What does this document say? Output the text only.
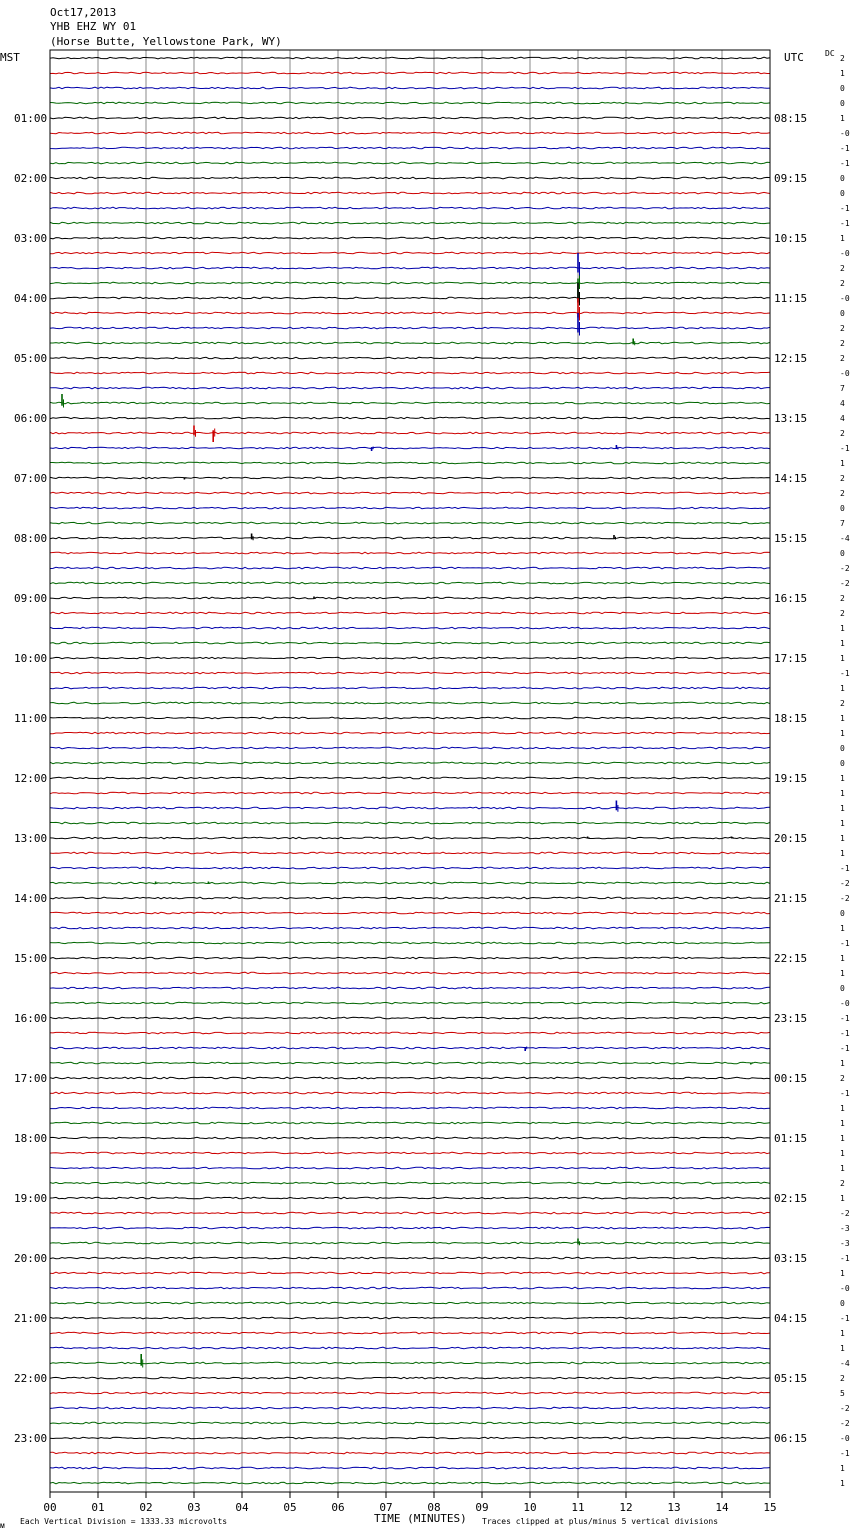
Oct17,2013
YHB EHZ WY 01
(Horse Butte, Yellowstone Park, WY)
MST	UTC	DC
01:00
02:00
03:00
04:00
05:00
06:00
07:00
08:00
09:00
10:00
11:00
12:00
13:00
14:00
15:00
16:00
17:00
18:00
19:00
20:00
21:00
22:00
23:00
08:15
09:15
10:15
11:15
12:15
13:15
14:15
15:15
16:15
17:15
18:15
19:15
20:15
21:15
22:15
23:15
00:15
01:15
02:15
03:15
04:15
05:15
06:15
2
1
0
0
1
-0
-1
-1
0
0
-1
-1
1
-0
2
2
-0
0
2
2
2
-0
7
4
4
2
-1
1
2
2
0
7
-4
0
-2
-2
2
2
1
1
1
-1
1
2
1
1
0
0
1
1
1
1
1
1
-1
-2
-2
0
1
-1
1
1
0
-0
-1
-1
-1
1
2
-1
1
1
1
1
1
2
1
-2
-3
-3
-1
1
-0
0
-1
1
1
-4
2
5
-2
-2
-0
-1
1
1
00	01	02	03	04	05	06	07	08	09	10	11	12	13	14	15
TIME (MINUTES)
Each Vertical Division = 1333.33 microvolts	Traces clipped at plus/minus 5 vertical divisions
ᴍ
